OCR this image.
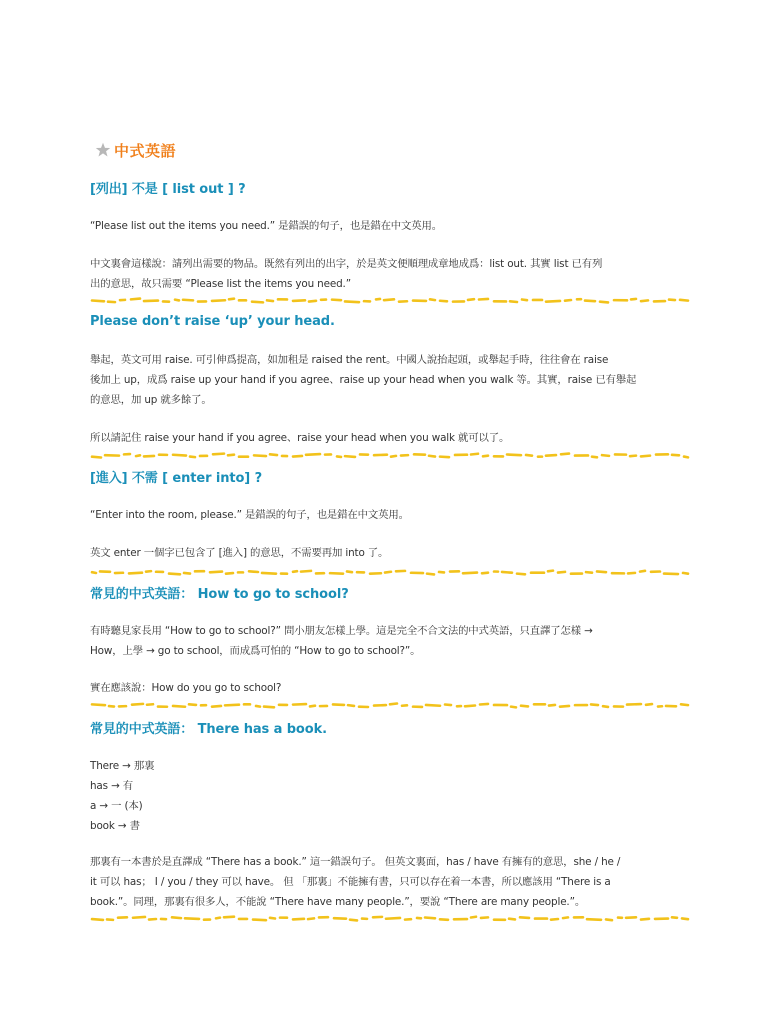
中式英語
[列出] 不是 [ list out ] ?

“Please list out the items you need.” 是錯誤的句子，也是錯在中文英用。

中文裏會這樣說：請列出需要的物品。既然有列出的出字，於是英文便順理成章地成爲：list out. 其實 list 已有列

出的意思，故只需要 “Please list the items you need.”

Please don’t raise ‘up’ your head.

舉起，英文可用 raise. 可引伸爲提高，如加租是 raised the rent。中國人說抬起頭，或舉起手時，往往會在 raise

後加上 up，成爲 raise up your hand if you agree、raise up your head when you walk 等。其實，raise 已有舉起

的意思，加 up 就多餘了。

所以請記住 raise your hand if you agree、raise your head when you walk 就可以了。

[進入] 不需 [ enter into] ?

“Enter into the room, please.” 是錯誤的句子，也是錯在中文英用。

英文 enter 一個字已包含了 [進入] 的意思，不需要再加 into 了。

常見的中式英語： How to go to school?

有時聽見家長用 “How to go to school?” 問小朋友怎樣上學。這是完全不合文法的中式英語，只直譯了怎樣 →

How，上學 → go to school，而成爲可怕的 “How to go to school?”。

實在應該說：How do you go to school?

常見的中式英語： There has a book.

There → 那裏

has → 有

a → 一 (本)

book → 書

那裏有一本書於是直譯成 “There has a book.” 這一錯誤句子。 但英文裏面，has / have 有擁有的意思，she / he /

it 可以 has； I / you / they 可以 have。 但 「那裏」不能擁有書，只可以存在着一本書，所以應該用 “There is a

book.”。同理，那裏有很多人，不能說 “There have many people.”，要說 “There are many people.”。
